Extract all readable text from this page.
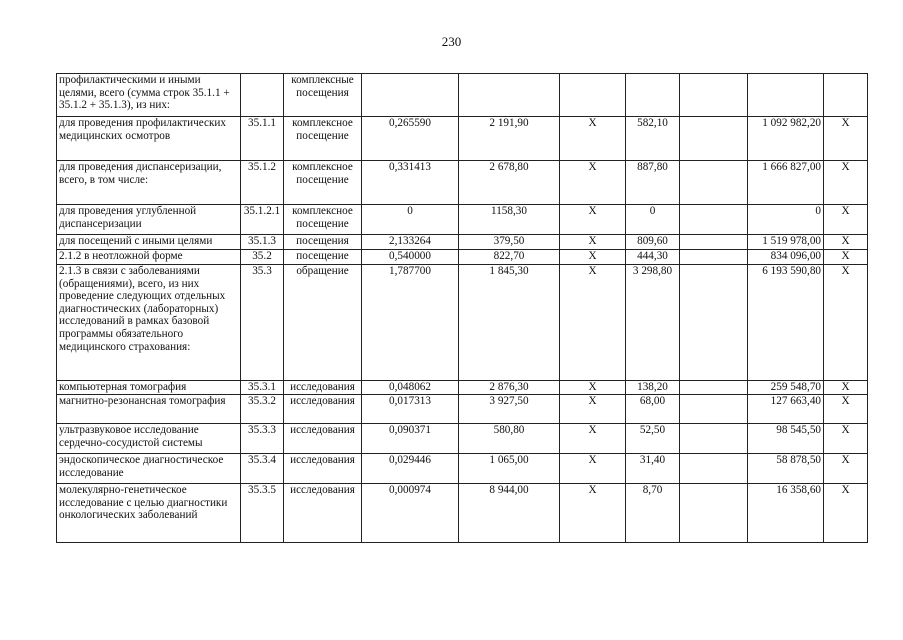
230
профилактическими и иными целями, всего (сумма строк 35.1.1 + 35.1.2 + 35.1.3), из них:		комплексные посещения							
для проведения профилактических медицинских осмотров	35.1.1	комплексное посещение	0,265590	2 191,90	Х	582,10		1 092 982,20	Х
для проведения диспансеризации, всего, в том числе:	35.1.2	комплексное посещение	0,331413	2 678,80	Х	887,80		1 666 827,00	Х
для проведения углубленной диспансеризации	35.1.2.1	комплексное посещение	0	1158,30	Х	0		0	Х
для посещений с иными целями	35.1.3	посещения	2,133264	379,50	Х	809,60		1 519 978,00	Х
2.1.2 в неотложной форме	35.2	посещение	0,540000	822,70	Х	444,30		834 096,00	Х
2.1.3 в связи с заболеваниями (обращениями), всего, из них проведение следующих отдельных диагностических (лабораторных) исследований в рамках базовой программы обязательного медицинского страхования:	35.3	обращение	1,787700	1 845,30	Х	3 298,80		6 193 590,80	Х
компьютерная томография	35.3.1	исследования	0,048062	2 876,30	Х	138,20		259 548,70	Х
магнитно-резонансная томография	35.3.2	исследования	0,017313	3 927,50	Х	68,00		127 663,40	Х
ультразвуковое исследование сердечно-сосудистой системы	35.3.3	исследования	0,090371	580,80	Х	52,50		98 545,50	Х
эндоскопическое диагностическое исследование	35.3.4	исследования	0,029446	1 065,00	Х	31,40		58 878,50	Х
молекулярно-генетическое исследование с целью диагностики онкологических заболеваний	35.3.5	исследования	0,000974	8 944,00	Х	8,70		16 358,60	Х
